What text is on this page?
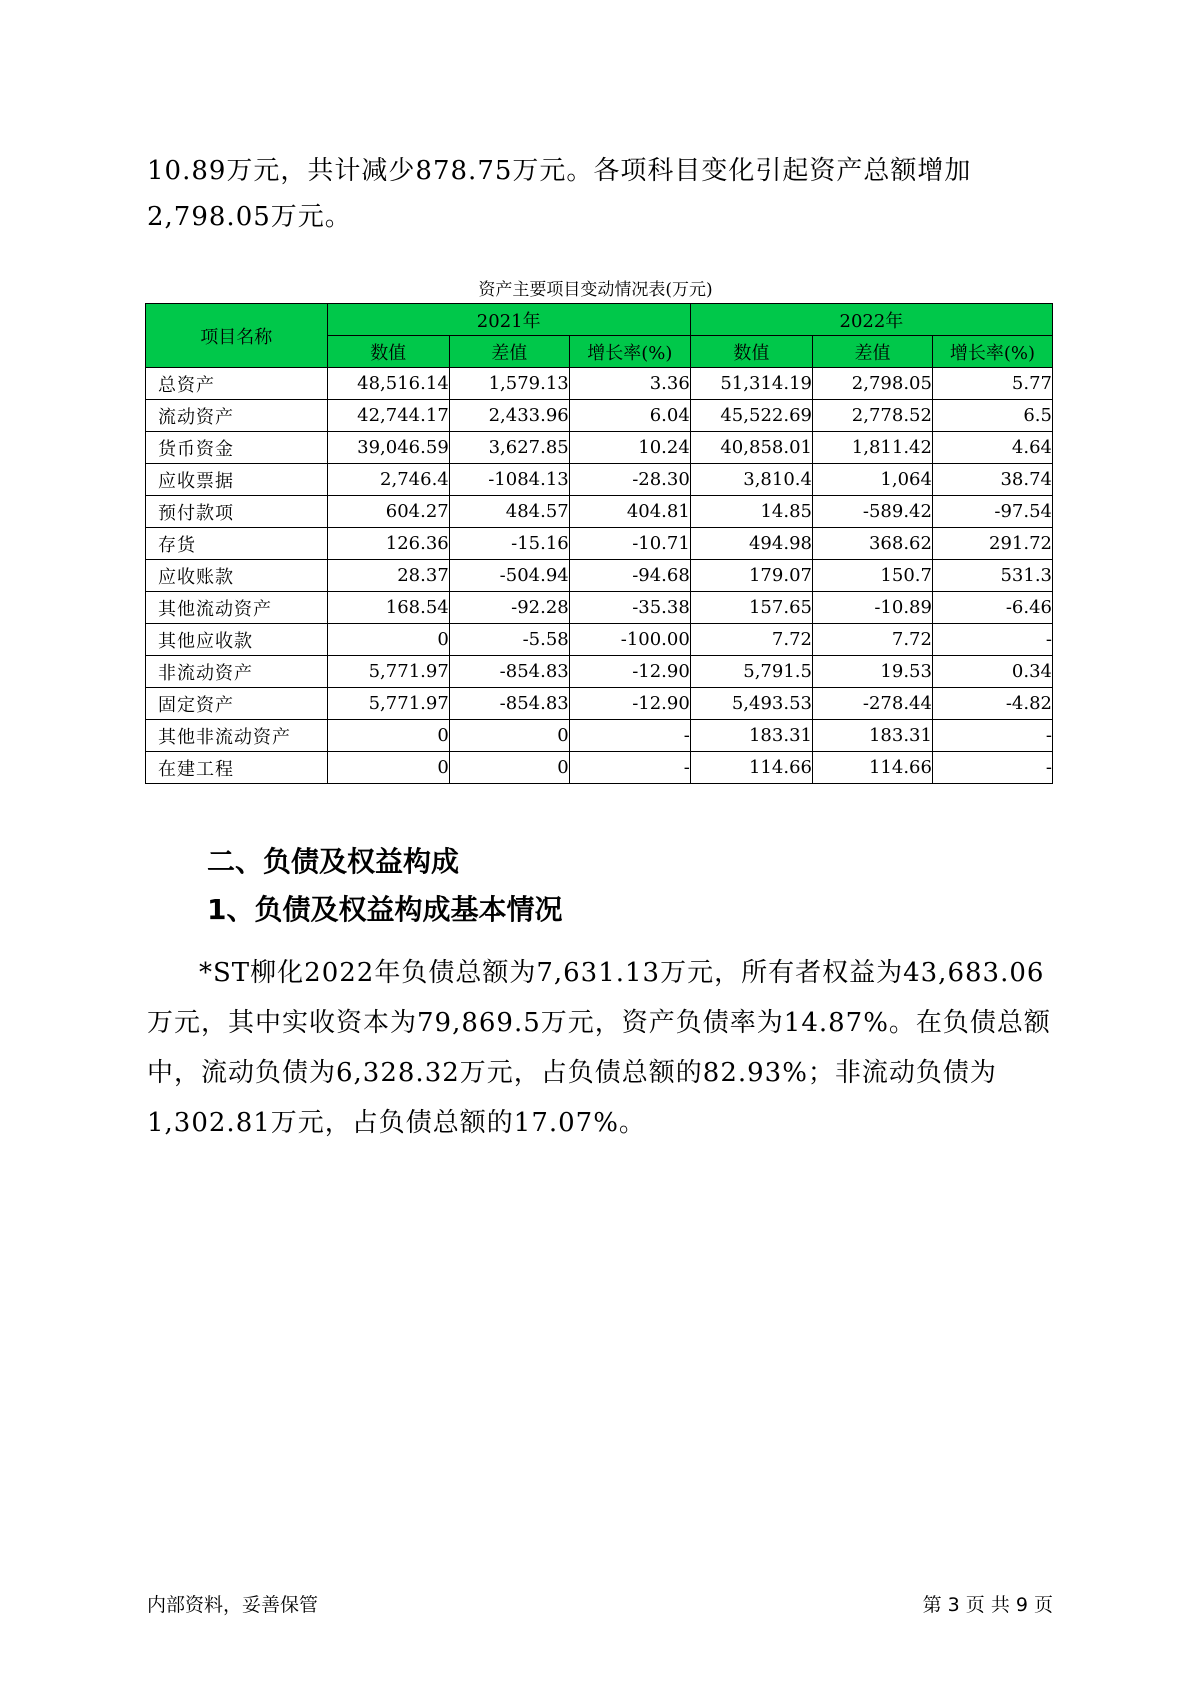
10.89万元，共计减少878.75万元。各项科目变化引起资产总额增加2,798.05万元。
资产主要项目变动情况表(万元)
项目名称	2021年			2022年		
	数值	差值	增长率(%)	数值	差值	增长率(%)
总资产	48,516.14	1,579.13	3.36	51,314.19	2,798.05	5.77
流动资产	42,744.17	2,433.96	6.04	45,522.69	2,778.52	6.5
货币资金	39,046.59	3,627.85	10.24	40,858.01	1,811.42	4.64
应收票据	2,746.4	-1084.13	-28.30	3,810.4	1,064	38.74
预付款项	604.27	484.57	404.81	14.85	-589.42	-97.54
存货	126.36	-15.16	-10.71	494.98	368.62	291.72
应收账款	28.37	-504.94	-94.68	179.07	150.7	531.3
其他流动资产	168.54	-92.28	-35.38	157.65	-10.89	-6.46
其他应收款	0	-5.58	-100.00	7.72	7.72	-
非流动资产	5,771.97	-854.83	-12.90	5,791.5	19.53	0.34
固定资产	5,771.97	-854.83	-12.90	5,493.53	-278.44	-4.82
其他非流动资产	0	0	-	183.31	183.31	-
在建工程	0	0	-	114.66	114.66	-
二、负债及权益构成
1、负债及权益构成基本情况
*ST柳化2022年负债总额为7,631.13万元，所有者权益为43,683.06万元，其中实收资本为79,869.5万元，资产负债率为14.87%。在负债总额中，流动负债为6,328.32万元，占负债总额的82.93%；非流动负债为1,302.81万元，占负债总额的17.07%。
内部资料，妥善保管	第 3 页 共 9 页
